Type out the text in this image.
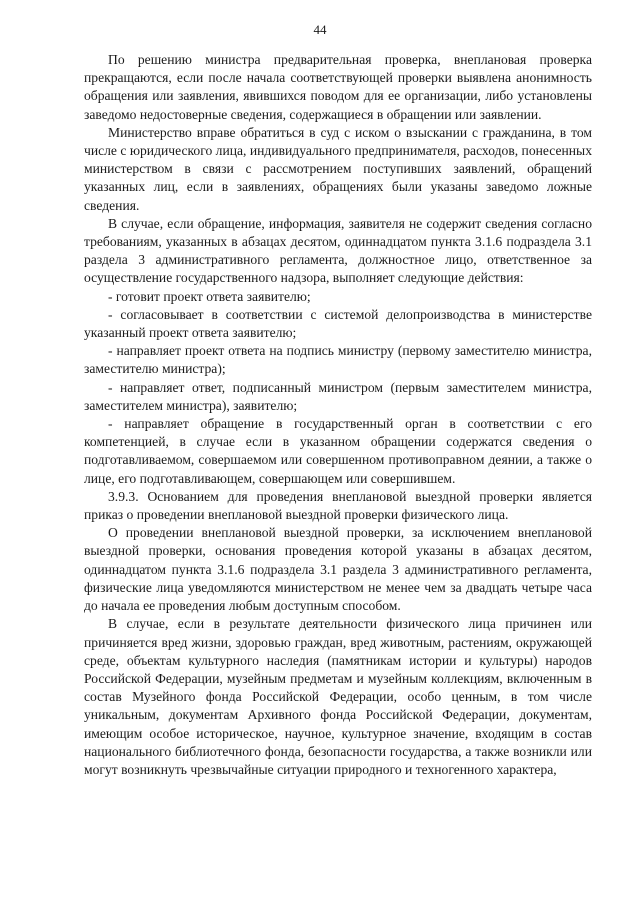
44

По решению министра предварительная проверка, внеплановая проверка прекращаются, если после начала соответствующей проверки выявлена анонимность обращения или заявления, явившихся поводом для ее организации, либо установлены заведомо недостоверные сведения, содержащиеся в обращении или заявлении.

Министерство вправе обратиться в суд с иском о взыскании с гражданина, в том числе с юридического лица, индивидуального предпринимателя, расходов, понесенных министерством в связи с рассмотрением поступивших заявлений, обращений указанных лиц, если в заявлениях, обращениях были указаны заведомо ложные сведения.

В случае, если обращение, информация, заявителя не содержит сведения согласно требованиям, указанных в абзацах десятом, одиннадцатом пункта 3.1.6 подраздела 3.1 раздела 3 административного регламента, должностное лицо, ответственное за осуществление государственного надзора, выполняет следующие действия:

- готовит проект ответа заявителю;

- согласовывает в соответствии с системой делопроизводства в министерстве указанный проект ответа заявителю;

- направляет проект ответа на подпись министру (первому заместителю министра, заместителю министра);

- направляет ответ, подписанный министром (первым заместителем министра, заместителем министра), заявителю;

- направляет обращение в государственный орган в соответствии с его компетенцией, в случае если в указанном обращении содержатся сведения о подготавливаемом, совершаемом или совершенном противоправном деянии, а также о лице, его подготавливающем, совершающем или совершившем.

3.9.3. Основанием для проведения внеплановой выездной проверки является приказ о проведении внеплановой выездной проверки физического лица.

О проведении внеплановой выездной проверки, за исключением внеплановой выездной проверки, основания проведения которой указаны в абзацах десятом, одиннадцатом пункта 3.1.6 подраздела 3.1 раздела 3 административного регламента, физические лица уведомляются министерством не менее чем за двадцать четыре часа до начала ее проведения любым доступным способом.

В случае, если в результате деятельности физического лица причинен или причиняется вред жизни, здоровью граждан, вред животным, растениям, окружающей среде, объектам культурного наследия (памятникам истории и культуры) народов Российской Федерации, музейным предметам и музейным коллекциям, включенным в состав Музейного фонда Российской Федерации, особо ценным, в том числе уникальным, документам Архивного фонда Российской Федерации, документам, имеющим особое историческое, научное, культурное значение, входящим в состав национального библиотечного фонда, безопасности государства, а также возникли или могут возникнуть чрезвычайные ситуации природного и техногенного характера,
